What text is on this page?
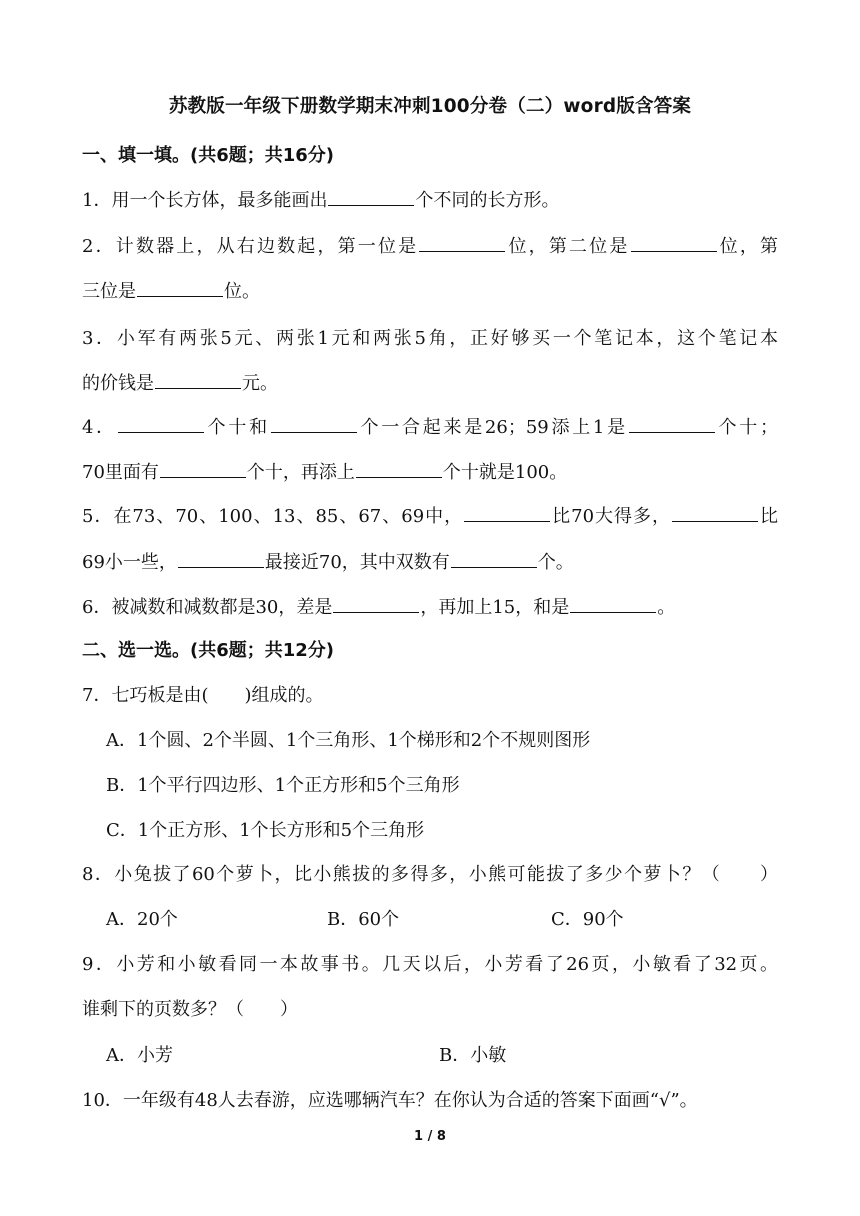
苏教版一年级下册数学期末冲刺100分卷（二）word版含答案
一、填一填。(共6题；共16分)
1．用一个长方体，最多能画出	个不同的长方形。
2．计数器上，从右边数起，第一位是	位，第二位是	位，第
三位是	位。
3．小军有两张5元、两张1元和两张5角，正好够买一个笔记本，这个笔记本
的价钱是	元。
4．	个十和	个一合起来是26；59添上1是	个十；
70里面有	个十，再添上	个十就是100。
5．在73、70、100、13、85、67、69中，	比70大得多，	比
69小一些，	最接近70，其中双数有	个。
6．被减数和减数都是30，差是	，再加上15，和是	。
二、选一选。(共6题；共12分)
7．七巧板是由(　　)组成的。
A．1个圆、2个半圆、1个三角形、1个梯形和2个不规则图形
B．1个平行四边形、1个正方形和5个三角形
C．1个正方形、1个长方形和5个三角形
8．小兔拔了60个萝卜，比小熊拔的多得多，小熊可能拔了多少个萝卜？（　　）
A．20个	B．60个	C．90个
9．小芳和小敏看同一本故事书。几天以后，小芳看了26页，小敏看了32页。
谁剩下的页数多？（　　）
A．小芳	B．小敏
10．一年级有48人去春游，应选哪辆汽车？在你认为合适的答案下面画“√”。
1 / 8
